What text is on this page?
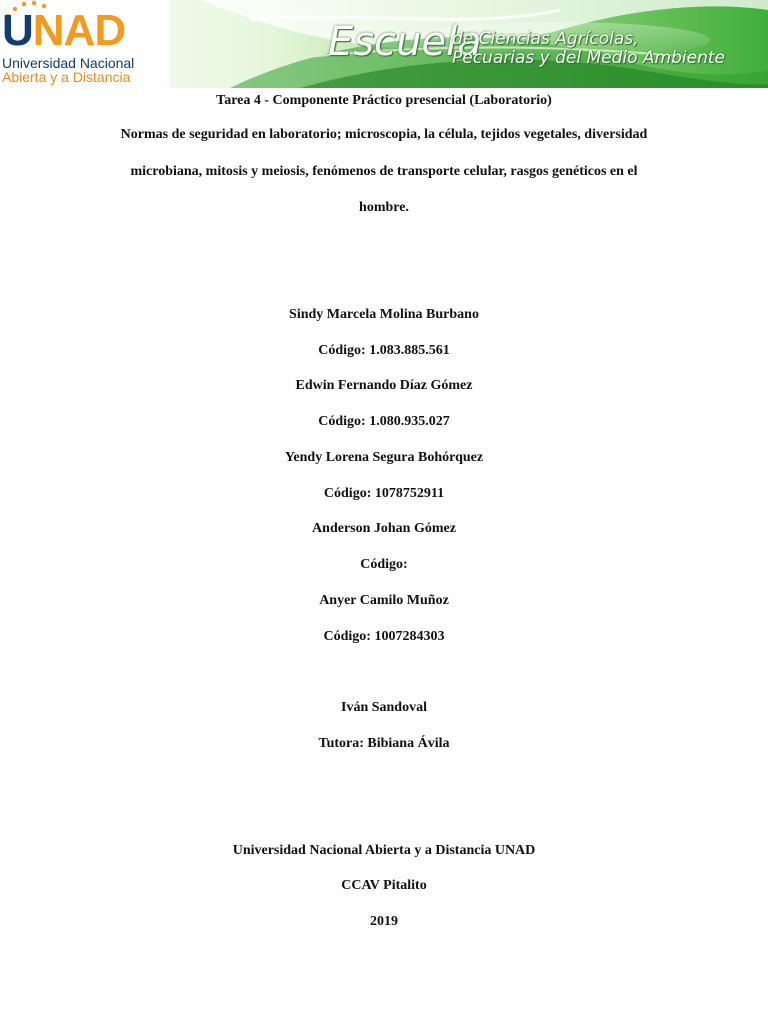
UNAD
Universidad Nacional
Abierta y a Distancia
Escuela
de Ciencias Agrícolas,
Pecuarias y del Medio Ambiente
Tarea 4 - Componente Práctico presencial (Laboratorio)
Normas de seguridad en laboratorio; microscopia, la célula, tejidos vegetales, diversidad
microbiana, mitosis y meiosis, fenómenos de transporte celular, rasgos genéticos en el
hombre.
Sindy Marcela Molina Burbano
Código: 1.083.885.561
Edwin Fernando Díaz Gómez
Código: 1.080.935.027
Yendy Lorena Segura Bohórquez
Código: 1078752911
Anderson Johan Gómez
Código:
Anyer Camilo Muñoz
Código: 1007284303
Iván Sandoval
Tutora: Bibiana Ávila
Universidad Nacional Abierta y a Distancia UNAD
CCAV Pitalito
2019
